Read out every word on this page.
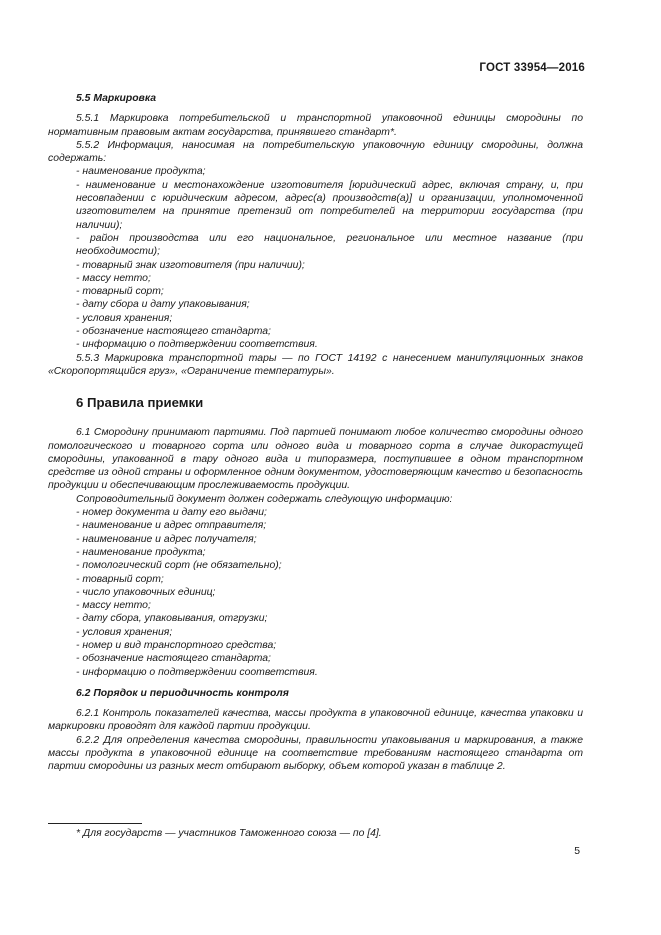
ГОСТ 33954—2016

5.5 Маркировка

5.5.1 Маркировка потребительской и транспортной упаковочной единицы смородины по нормативным правовым актам государства, принявшего стандарт*.

5.5.2 Информация, наносимая на потребительскую упаковочную единицу смородины, должна содержать:

- наименование продукта;

- наименование и местонахождение изготовителя [юридический адрес, включая страну, и, при несовпадении с юридическим адресом, адрес(а) производств(а)] и организации, уполномоченной изготовителем на принятие претензий от потребителей на территории государства (при наличии);

- район производства или его национальное, региональное или местное название (при необходимости);

- товарный знак изготовителя (при наличии);

- массу нетто;

- товарный сорт;

- дату сбора и дату упаковывания;

- условия хранения;

- обозначение настоящего стандарта;

- информацию о подтверждении соответствия.

5.5.3 Маркировка транспортной тары — по ГОСТ 14192 с нанесением манипуляционных знаков «Скоропортящийся груз», «Ограничение температуры».

6 Правила приемки

6.1 Смородину принимают партиями. Под партией понимают любое количество смородины одного помологического и товарного сорта или одного вида и товарного сорта в случае дикорастущей смородины, упакованной в тару одного вида и типоразмера, поступившее в одном транспортном средстве из одной страны и оформленное одним документом, удостоверяющим качество и безопасность продукции и обеспечивающим прослеживаемость продукции.

Сопроводительный документ должен содержать следующую информацию:

- номер документа и дату его выдачи;

- наименование и адрес отправителя;

- наименование и адрес получателя;

- наименование продукта;

- помологический сорт (не обязательно);

- товарный сорт;

- число упаковочных единиц;

- массу нетто;

- дату сбора, упаковывания, отгрузки;

- условия хранения;

- номер и вид транспортного средства;

- обозначение настоящего стандарта;

- информацию о подтверждении соответствия.

6.2 Порядок и периодичность контроля

6.2.1 Контроль показателей качества, массы продукта в упаковочной единице, качества упаковки и маркировки проводят для каждой партии продукции.

6.2.2 Для определения качества смородины, правильности упаковывания и маркирования, а также массы продукта в упаковочной единице на соответствие требованиям настоящего стандарта от партии смородины из разных мест отбирают выборку, объем которой указан в таблице 2.

* Для государств — участников Таможенного союза — по [4].
5
